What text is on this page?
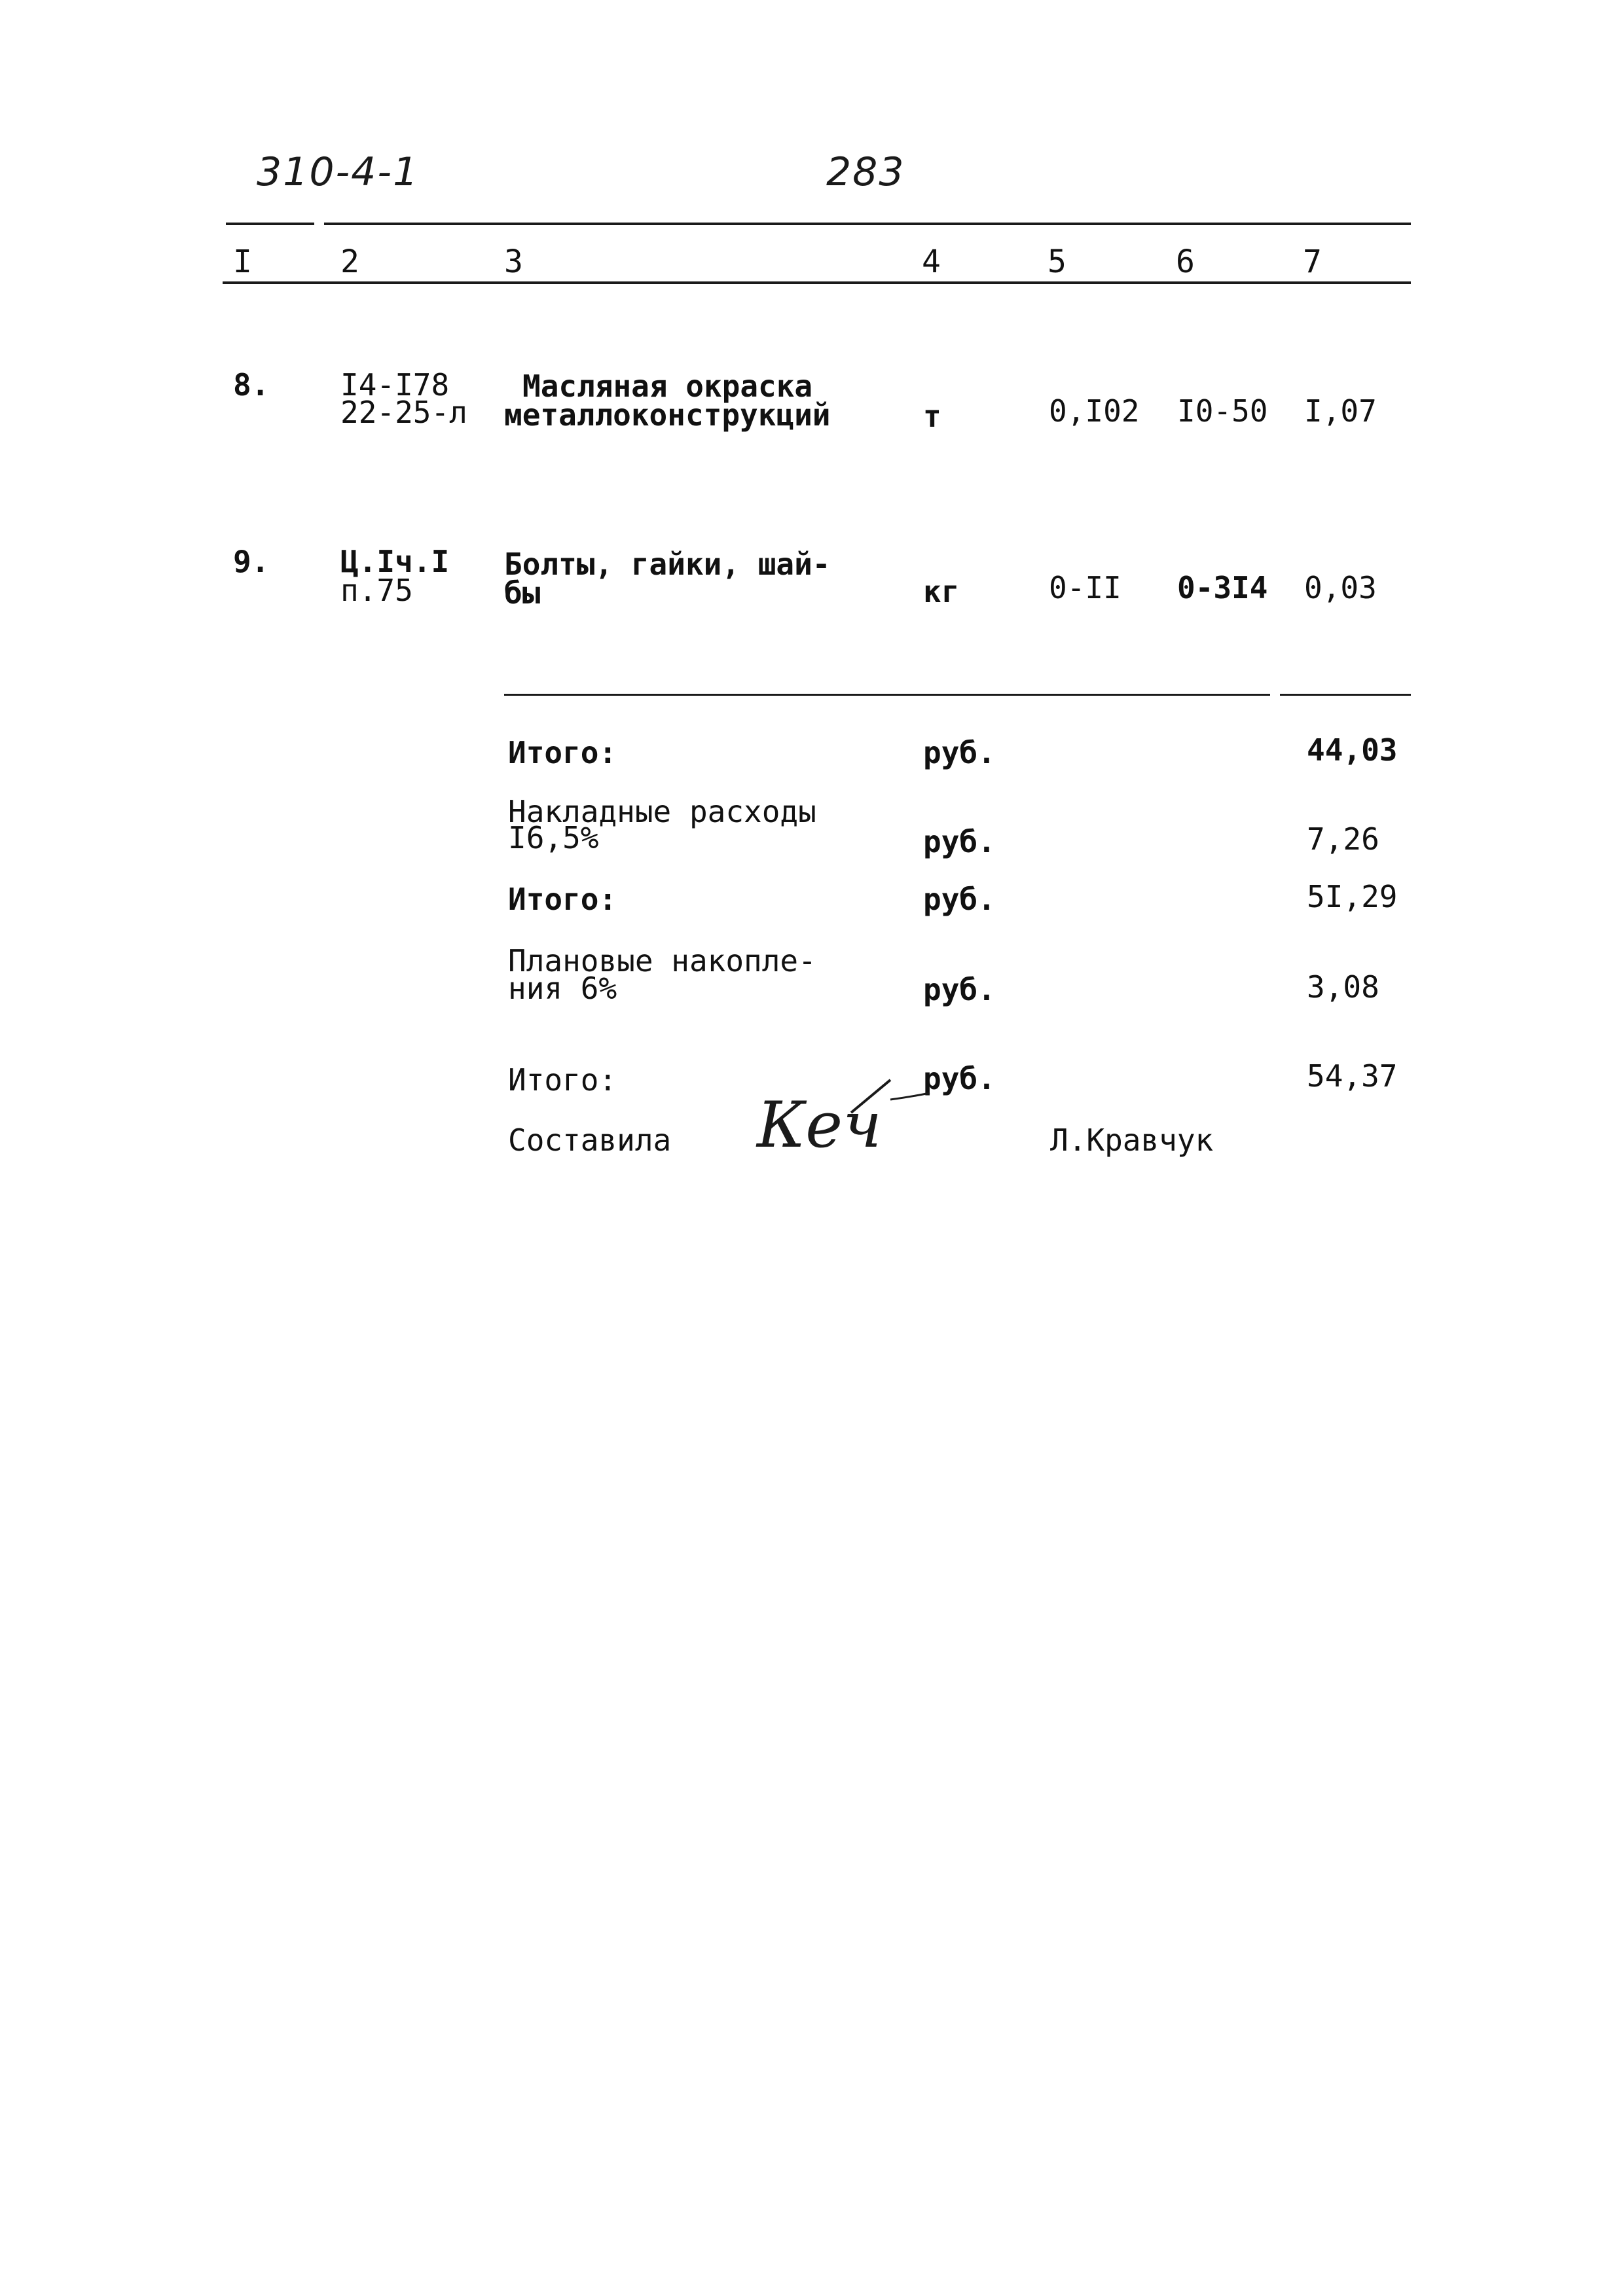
310-4-1	283
I	2	3	4	5	6	7
8. I4-I78
22-25-л
Масляная окраска
металлоконструкций	т	0,I02 I0-50 I,07
9. Ц.Iч.I
п.75
Болты, гайки, шай-
бы	кг	0-II 0-3I4 0,03
Итого:	руб.	44,03
Накладные расходы
I6,5%	руб.	7,26
Итого:	руб.	5I,29
Плановые накопле-
ния 6%	руб.	3,08
Итого:	руб.	54,37
Составила Кеч	Л.Кравчук
